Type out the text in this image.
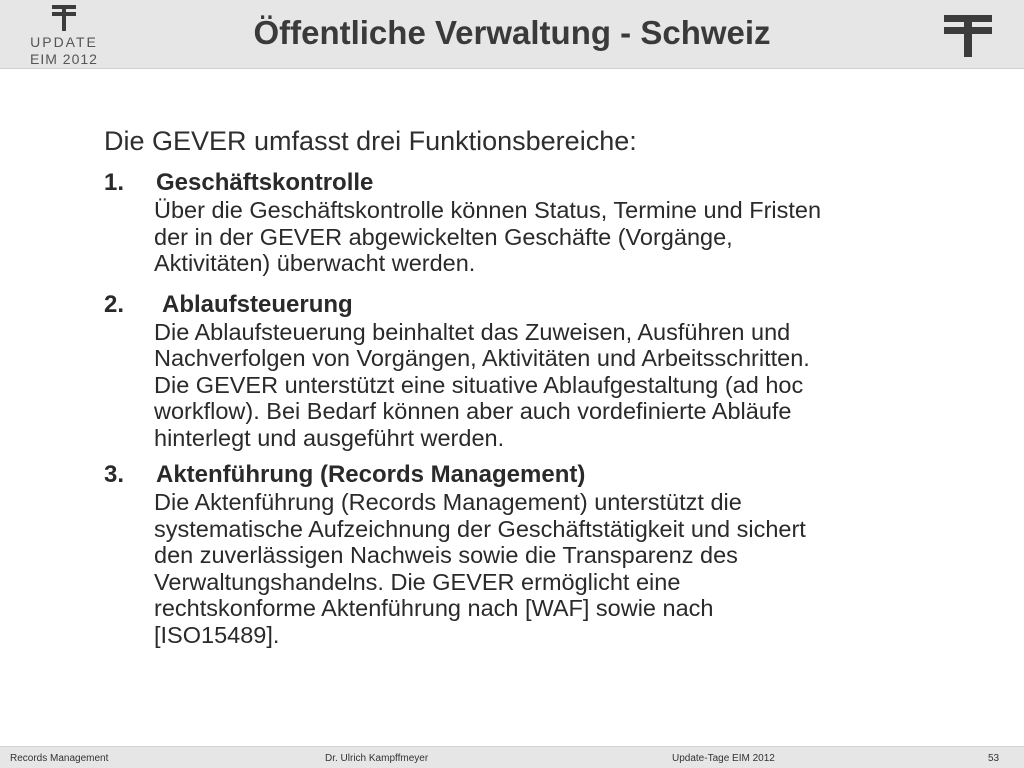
UPDATE
EIM 2012
Öffentliche Verwaltung - Schweiz
Die GEVER umfasst drei Funktionsbereiche:
1.	Geschäftskontrolle
Über die Geschäftskontrolle können Status, Termine und Fristen
der in der GEVER abgewickelten Geschäfte (Vorgänge,
Aktivitäten) überwacht werden.
2.	Ablaufsteuerung
Die Ablaufsteuerung beinhaltet das Zuweisen, Ausführen und
Nachverfolgen von Vorgängen, Aktivitäten und Arbeitsschritten.
Die GEVER unterstützt eine situative Ablaufgestaltung (ad hoc
workflow). Bei Bedarf können aber auch vordefinierte Abläufe
hinterlegt und ausgeführt werden.
3.	Aktenführung (Records Management)
Die Aktenführung (Records Management) unterstützt die
systematische Aufzeichnung der Geschäftstätigkeit und sichert
den zuverlässigen Nachweis sowie die Transparenz des
Verwaltungshandelns. Die GEVER ermöglicht eine
rechtskonforme Aktenführung nach [WAF] sowie nach
[ISO15489].
Records Management	Dr. Ulrich Kampffmeyer	Update-Tage EIM 2012	53
